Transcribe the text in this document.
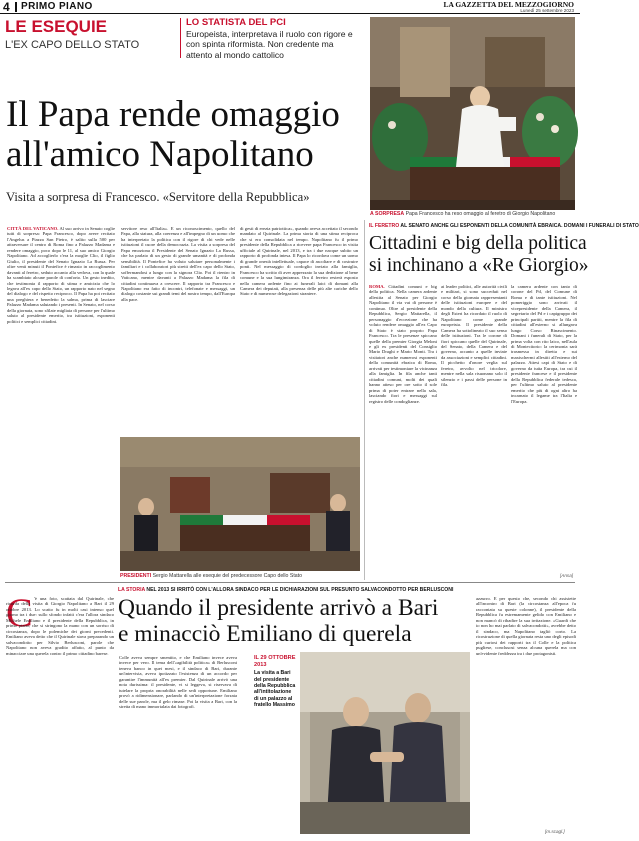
4 PRIMO PIANO	LA GAZZETTA DEL MEZZOGIORNO
Lunedì 25 settembre 2023
LE ESEQUIE
L'EX CAPO DELLO STATO
LO STATISTA DEL PCI
Europeista, interpretava il ruolo con rigore e con spinta riformista. Non credente ma attento al mondo cattolico
A SORPRESA Papa Francesco ha reso omaggio al feretro di Giorgio Napolitano
Il Papa rende omaggio
all'amico Napolitano
Visita a sorpresa di Francesco. «Servitore della Repubblica»
CITTÀ DEL VATICANO. Al suo arrivo in Senato coglie tutti di sorpresa: Papa Francesco, dopo avere recitato l'Angelus a Piazza San Pietro, è salito sulla 500 per attraversare il centro di Roma fino a Palazzo Madama e rendere omaggio, poco dopo le 11, al suo amico Giorgio Napolitano. Ad accoglierlo c'era la moglie Clio, il figlio Giulio, il presidente del Senato Ignazio La Russa. Per oltre venti minuti il Pontefice è rimasto in raccoglimento davanti al feretro, seduto accanto alla vedova, con la quale ha scambiato alcune parole di conforto. Un gesto inedito, che testimonia il rapporto di stima e amicizia che lo legava all'ex capo dello Stato, un rapporto nato nel segno del dialogo e del rispetto reciproco. Il Papa ha poi recitato una preghiera e benedetto la salma, prima di lasciare Palazzo Madama salutando i presenti. In Senato, nel corso della giornata, sono sfilate migliaia di persone per l'ultimo saluto al presidente emerito, tra istituzioni, esponenti politici e semplici cittadini.
servitore reso all'Italia». E un riconoscimento, quello del Papa, alla statura, alla coerenza e all'impegno di un uomo che ha interpretato la politica con il rigore di chi vede nelle istituzioni il cuore della democrazia. La visita a sorpresa del Papa emoziona il Presidente del Senato Ignazio La Russa, che ha parlato di un gesto di grande umanità e di profonda sensibilità. Il Pontefice ha voluto salutare personalmente i familiari e i collaboratori più stretti dell'ex capo dello Stato, soffermandosi a lungo con la signora Clio. Poi il rientro in Vaticano, mentre davanti a Palazzo Madama la fila di cittadini continuava a crescere. Il rapporto tra Francesco e Napolitano era fatto di incontri, telefonate e messaggi, un dialogo costante sui grandi temi del nostro tempo, dall'Europa alla pace.
di gesti di erezia patriottica», quando aveva accettato il secondo mandato al Quirinale. La prima storia di una stima reciproca che si era consolidata nel tempo. Napolitano fu il primo presidente della Repubblica a ricevere papa Francesco in visita ufficiale al Quirinale, nel 2013, e tra i due nacque subito un rapporto di profonda intesa. Il Papa lo ricordava come un uomo di grande onestà intellettuale, capace di ascoltare e di costruire ponti. Nel messaggio di cordoglio inviato alla famiglia, Francesco ha scritto di aver apprezzato la sua dedizione al bene comune e la sua lungimiranza. Ora il feretro resterà esposto nella camera ardente fino ai funerali laici di domani alla Camera dei deputati, alla presenza delle più alte cariche dello Stato e di numerose delegazioni straniere.
PRESIDENTI Sergio Mattarella alle esequie del predecessore Capo dello Stato
IL FERETRO AL SENATO ANCHE GLI ESPONENTI DELLA COMUNITÀ EBRAICA. DOMANI I FUNERALI DI STATO
Cittadini e big della politica
si inchinano a «Re Giorgio»
ROMA. Cittadini comuni e big della politica. Nella camera ardente allestita al Senato per Giorgio Napolitano il via vai di persone è continuo. Oltre al presidente della Repubblica, Sergio Mattarella, il personaggio d'eccezione che ha voluto rendere omaggio all'ex Capo di Stato è stato proprio Papa Francesco. Tra le presenze spiccano quelle della premier Giorgia Meloni e gli ex presidenti del Consiglio Mario Draghi e Mario Monti. Tra i visitatori anche numerosi esponenti della comunità ebraica di Roma, arrivati per testimoniare la vicinanza alla famiglia. In fila anche tanti cittadini comuni, molti dei quali hanno atteso per ore sotto il sole prima di poter entrare nella sala, lasciando fiori e messaggi sul registro delle condoglianze.
ai leader politici, alle autorità civili e militari, si sono succeduti nel corso della giornata rappresentanti delle istituzioni europee e del mondo della cultura. Il ministro degli Esteri ha ricordato il ruolo di Napolitano come grande europeista. Il presidente della Camera ha sottolineato il suo senso delle istituzioni. Tra le corone di fiori spiccano quelle del Quirinale, del Senato, della Camera e del governo, accanto a quelle inviate da associazioni e semplici cittadini. Il picchetto d'onore veglia sul feretro, avvolto nel tricolore, mentre nella sala risuonano solo il silenzio e i passi delle persone in fila.
la camera ardente con tanto di corone del Pd, del Comune di Roma e di tante istituzioni. Nel pomeriggio sono arrivati il vicepresidente della Camera, il segretario del Pd e i capigruppo dei principali partiti, mentre la fila di cittadini all'esterno si allungava lungo Corso Rinascimento. Domani i funerali di Stato, per la prima volta con rito laico, nell'aula di Montecitorio: la cerimonia sarà trasmessa in diretta e sui maxischermi allestiti all'esterno del palazzo. Attesi capi di Stato e di governo da tutta Europa, tra cui il presidente francese e il presidente della Repubblica federale tedesca, per l'ultimo saluto al presidente emerito che più di ogni altro ha incarnato il legame tra l'Italia e l'Europa.
[Ansa]
LA STORIA NEL 2013 SI IRRITÒ CON L'ALLORA SINDACO PER LE DICHIARAZIONI SUL PRESUNTO SALVACONDOTTO PER BERLUSCONI
Quando il presidente arrivò a Bari
e minacciò Emiliano di querela
C 'è una foto, scattata dal Quirinale, che ricorda della visita di Giorgio Napolitano a Bari il 29 ottobre 2013. Lo scatto fu in molti casi intenso quel giorno tra i due: sullo sfondo infatti c'era l'allora sindaco Michele Emiliano e il presidente della Repubblica, in primo piano, che si stringono la mano con un sorriso di circostanza, dopo le polemiche dei giorni precedenti. Emiliano aveva detto che il Quirinale stava preparando un salvacondotto per Silvio Berlusconi, parole che Napolitano non aveva gradito affatto, al punto da minacciare una querela contro il primo cittadino barese.
Colle aveva sempre smentito, e che Emiliano invece aveva invece per vero. Il tema dell'«agibilità politica» di Berlusconi teneva banco in quei mesi, e il sindaco di Bari, durante un'intervista, aveva ipotizzato l'esistenza di un accordo per garantire l'immunità all'ex premier. Dal Quirinale arrivò una nota durissima: il presidente, vi si leggeva, si riservava di tutelare la propria onorabilità nelle sedi opportune. Emiliano provò a ridimensionare, parlando di un'interpretazione forzata delle sue parole, ma il gelo rimase. Poi la visita a Bari, con la stretta di mano immortalata dai fotografi.
IL 29 OTTOBRE 2013
La visita a Bari del presidente della Repubblica all'intitolazione di un palazzo al fratello Massimo
azzurro. E per questo che, secondo chi assistette all'incontro di Bari (la circostanza all'epoca fu raccontata su queste colonne), il presidente della Repubblica fu estremamente gelido con Emiliano e non mancò di ribadire la sua irritazione. «Guardi che io non ho mai parlato di salvacondotti», avrebbe detto il sindaco, ma Napolitano tagliò corto. La ricostruzione di quella giornata resta uno degli episodi più curiosi dei rapporti tra il Colle e la politica pugliese, conclusosi senza alcuna querela ma con un'evidente freddezza tra i due protagonisti.
[m.scagl.]
